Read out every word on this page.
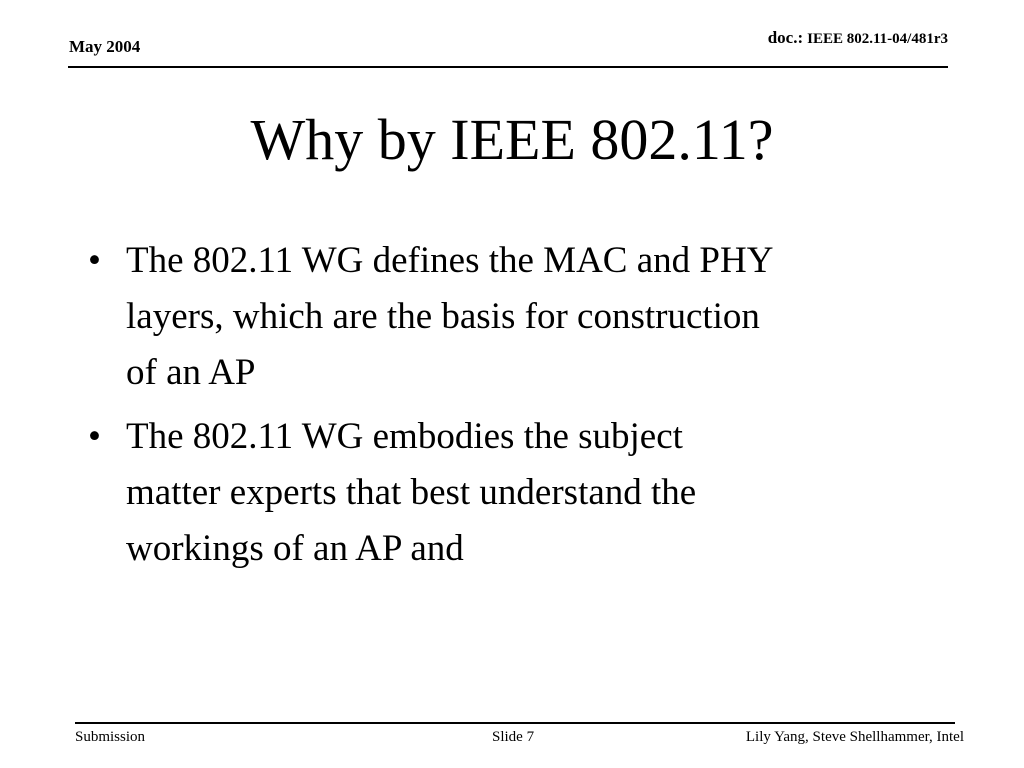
May 2004	doc.: IEEE 802.11-04/481r3
Why by IEEE 802.11?
• The 802.11 WG defines the MAC and PHY
layers, which are the basis for construction
of an AP
• The 802.11 WG embodies the subject
matter experts that best understand the
workings of an AP and
Submission	Slide 7	Lily Yang, Steve Shellhammer, Intel
